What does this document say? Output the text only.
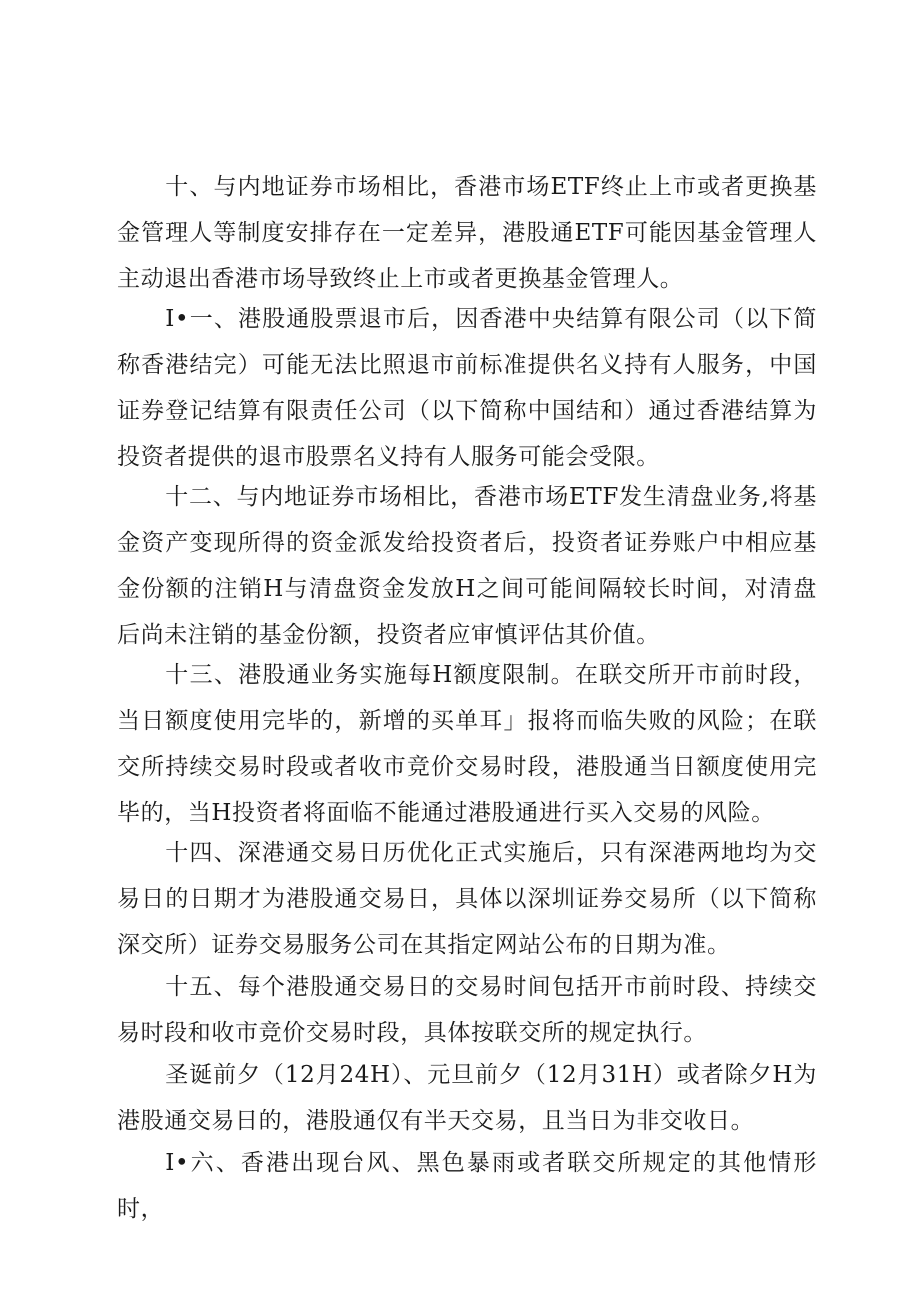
十、与内地证券市场相比，香港市场ETF终止上市或者更换基金管理人等制度安排存在一定差异，港股通ETF可能因基金管理人主动退出香港市场导致终止上市或者更换基金管理人。

I•一、港股通股票退市后，因香港中央结算有限公司（以下简称香港结完）可能无法比照退市前标准提供名义持有人服务，中国证券登记结算有限责任公司（以下简称中国结和）通过香港结算为投资者提供的退市股票名义持有人服务可能会受限。

十二、与内地证券市场相比，香港市场ETF发生清盘业务,将基金资产变现所得的资金派发给投资者后，投资者证券账户中相应基金份额的注销H与清盘资金发放H之间可能间隔较长时间，对清盘后尚未注销的基金份额，投资者应审慎评估其价值。

十三、港股通业务实施每H额度限制。在联交所开市前时段，当日额度使用完毕的，新增的买单耳」报将而临失败的风险；在联交所持续交易时段或者收市竞价交易时段，港股通当日额度使用完毕的，当H投资者将面临不能通过港股通进行买入交易的风险。

十四、深港通交易日历优化正式实施后，只有深港两地均为交易日的日期才为港股通交易日，具体以深圳证券交易所（以下简称深交所）证券交易服务公司在其指定网站公布的日期为准。

十五、每个港股通交易日的交易时间包括开市前时段、持续交易时段和收市竞价交易时段，具体按联交所的规定执行。

圣诞前夕（12月24H）、元旦前夕（12月31H）或者除夕H为港股通交易日的，港股通仅有半天交易，且当日为非交收日。

I•六、香港出现台风、黑色暴雨或者联交所规定的其他情形时，
